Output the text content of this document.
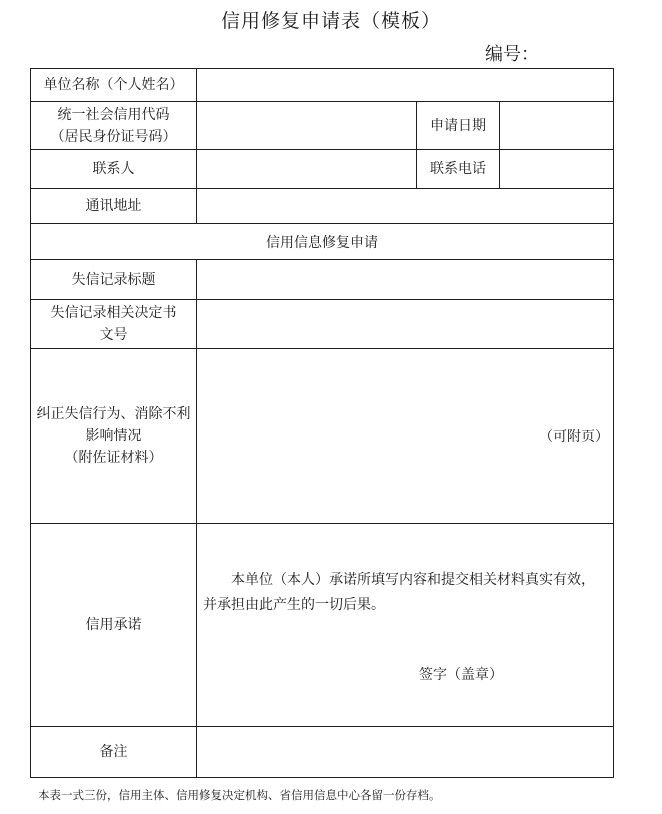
信用修复申请表（模板）
编号：
单位名称（个人姓名）			

统一社会信用代码
（居民身份证号码）		申请日期	
联系人		联系电话	
通讯地址			
信用信息修复申请			
失信记录标题			

失信记录相关决定书
文号			

纠正失信行为、消除不利
影响情况
（附佐证材料）	（可附页）		
信用承诺	本单位（本人）承诺所填写内容和提交相关材料真实有效，并承担由此产生的一切后果。
签字（盖章）		

备注			
本表一式三份，信用主体、信用修复决定机构、省信用信息中心各留一份存档。
